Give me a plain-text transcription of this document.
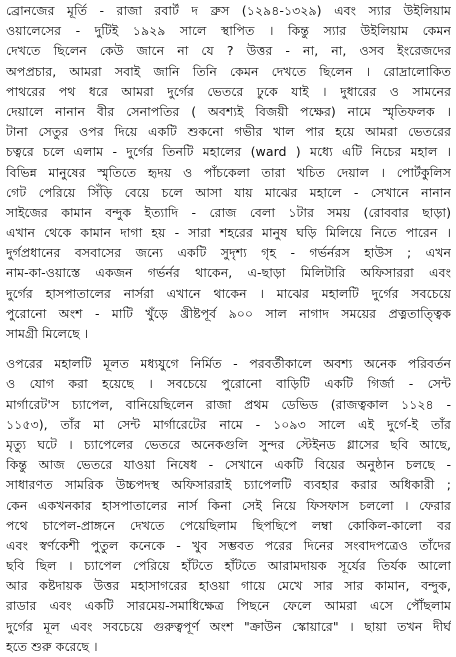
ব্রোনজের মূর্তি - রাজা রবার্ট দ ব্রুস (১২৯৪-১৩২৯) এবং স্যার উইলিয়াম
ওয়ালেসের - দুটিই ১৯২৯ সালে স্থাপিত । কিন্তু স্যার উইলিয়াম কেমন
দেখতে ছিলেন কেউ জানে না যে ? উত্তর - না, না, ওসব ইংরেজদের
অপপ্রচার, আমরা সবাই জানি তিনি কেমন দেখতে ছিলেন । রোদ্রালোকিত
পাথরের পথ ধরে আমরা দুর্গের ভেতরে ঢুকে যাই । দুধারের ও সামনের
দেয়ালে নানান বীর সেনাপতির ( অবশ্যই বিজয়ী পক্ষের) নামে স্মৃতিফলক ।
টানা সেতুর ওপর দিয়ে একটি শুকনো গভীর খাল পার হয়ে আমরা ভেতরের
চত্বরে চলে এলাম - দুর্গের তিনটি মহালের (ward ) মধ্যে এটি নিচের মহাল ।
বিভিন্ন মানুষের স্মৃতিতে হৃদয় ও পাঁচকেলা তারা খচিত দেয়াল । পোর্টকুলিস
গেট পেরিয়ে সিঁড়ি বেয়ে চলে আসা যায় মাঝের মহালে - সেখানে নানান
সাইজের কামান বন্দুক ইত্যাদি - রোজ বেলা ১টার সময় (রোববার ছাড়া)
এখান থেকে কামান দাগা হয় - সারা শহরের মানুষ ঘড়ি মিলিয়ে নিতে পারেন ।
দুর্গপ্রধানের বসবাসের জন্যে একটি সুদৃশ্য গৃহ - গর্ভর্নরস হাউস ; এখন
নাম-কা-ওয়াস্তে একজন গর্ভর্নর থাকেন, এ-ছাড়া মিলিটারি অফিসাররা এবং
দুর্গের হাসপাতালের নার্সরা এখানে থাকেন । মাঝের মহালটি দুর্গের সবচেয়ে
পুরোনো অংশ - মাটি খুঁড়ে খ্রীষ্টপূর্ব ৯০০ সাল নাগাদ সময়ের প্রত্নতাত্ত্বিক
সামগ্রী মিলেছে ।
ওপরের মহালটি মূলত মধ্যযুগে নির্মিত - পরবর্তীকালে অবশ্য অনেক পরিবর্তন
ও যোগ করা হয়েছে । সবচেয়ে পুরোনো বাড়িটি একটি গির্জা - সেন্ট
মার্গারেট'স চ্যাপেল, বানিয়েছিলেন রাজা প্রথম ডেভিড (রাজত্বকাল ১১২৪ -
১১৫৩), তাঁর মা সেন্ট মার্গারেটের নামে - ১০৯৩ সালে এই দুর্গে-ই তাঁর
মৃত্যু ঘটে । চ্যাপেলের ভেতরে অনেকগুলি সুন্দর স্টেইনড গ্লাসের ছবি আছে,
কিন্তু আজ ভেতরে যাওয়া নিষেধ - সেখানে একটি বিয়ের অনুষ্ঠান চলছে -
সাধারণত সামরিক উচ্চপদস্থ অফিসাররাই চ্যাপেলটি ব্যবহার করার অধিকারী ;
কেন একখনকার হাসপাতালের নার্স কিনা সেই নিয়ে ফিসফাস চললো । ফেরার
পথে চাপেল-প্রাঙ্গনে দেখতে পেয়েছিলাম ছিপছিপে লম্বা কোকিল-কালো বর
এবং স্বর্ণকেশী পুতুল কনেকে - খুব সম্ভবত পরের দিনের সংবাদপত্রেও তাঁদের
ছবি ছিল । চ্যাপেল পেরিয়ে হাঁটতে হাঁটতে আরামদায়ক সূর্যের তির্যক আলো
আর কষ্টদায়ক উত্তর মহাসাগরের হাওয়া গায়ে মেখে সার সার কামান, বন্দুক,
রাডার এবং একটি সারমেয়-সমাধিক্ষেত্র পিছনে ফেলে আমরা এসে পৌঁছলাম
দুর্গের মূল এবং সবচেয়ে গুরুত্বপূর্ণ অংশ "ক্রাউন স্কোয়ারে" । ছায়া তখন দীর্ঘ
হতে শুরু করেছে ।
